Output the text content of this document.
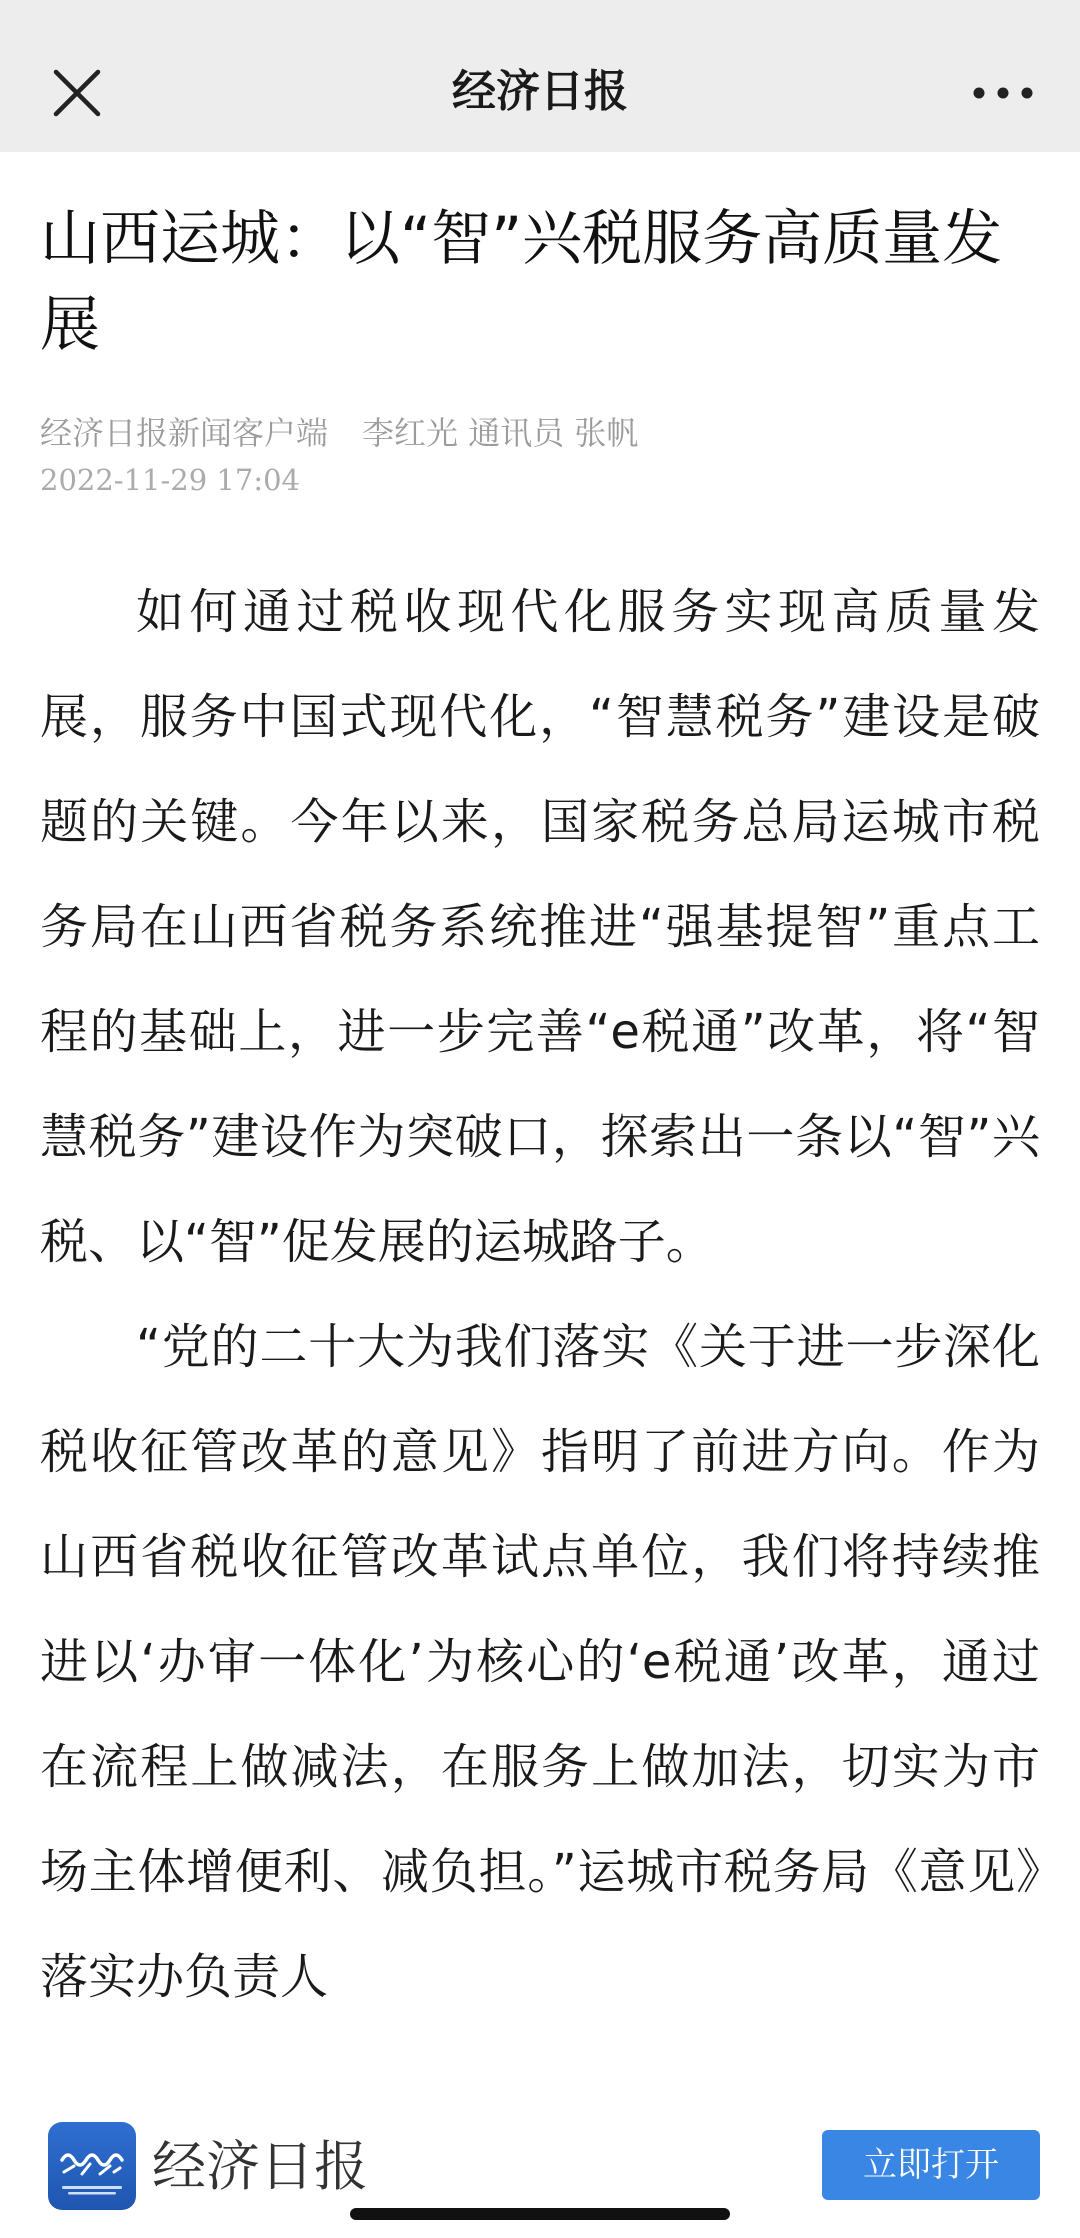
经济日报
山西运城：以“智”兴税服务高质量发展
经济日报新闻客户端 李红光 通讯员 张帆
2022-11-29 17:04

如何通过税收现代化服务实现高质量发展，服务中国式现代化，“智慧税务”建设是破题的关键。今年以来，国家税务总局运城市税务局在山西省税务系统推进“强基提智”重点工程的基础上，进一步完善“e税通”改革，将“智慧税务”建设作为突破口，探索出一条以“智”兴税、以“智”促发展的运城路子。

“党的二十大为我们落实《关于进一步深化税收征管改革的意见》指明了前进方向。作为山西省税收征管改革试点单位，我们将持续推进以‘办审一体化’为核心的‘e税通’改革，通过在流程上做减法，在服务上做加法，切实为市场主体增便利、减负担。”运城市税务局《意见》落实办负责人

经济日报	立即打开
